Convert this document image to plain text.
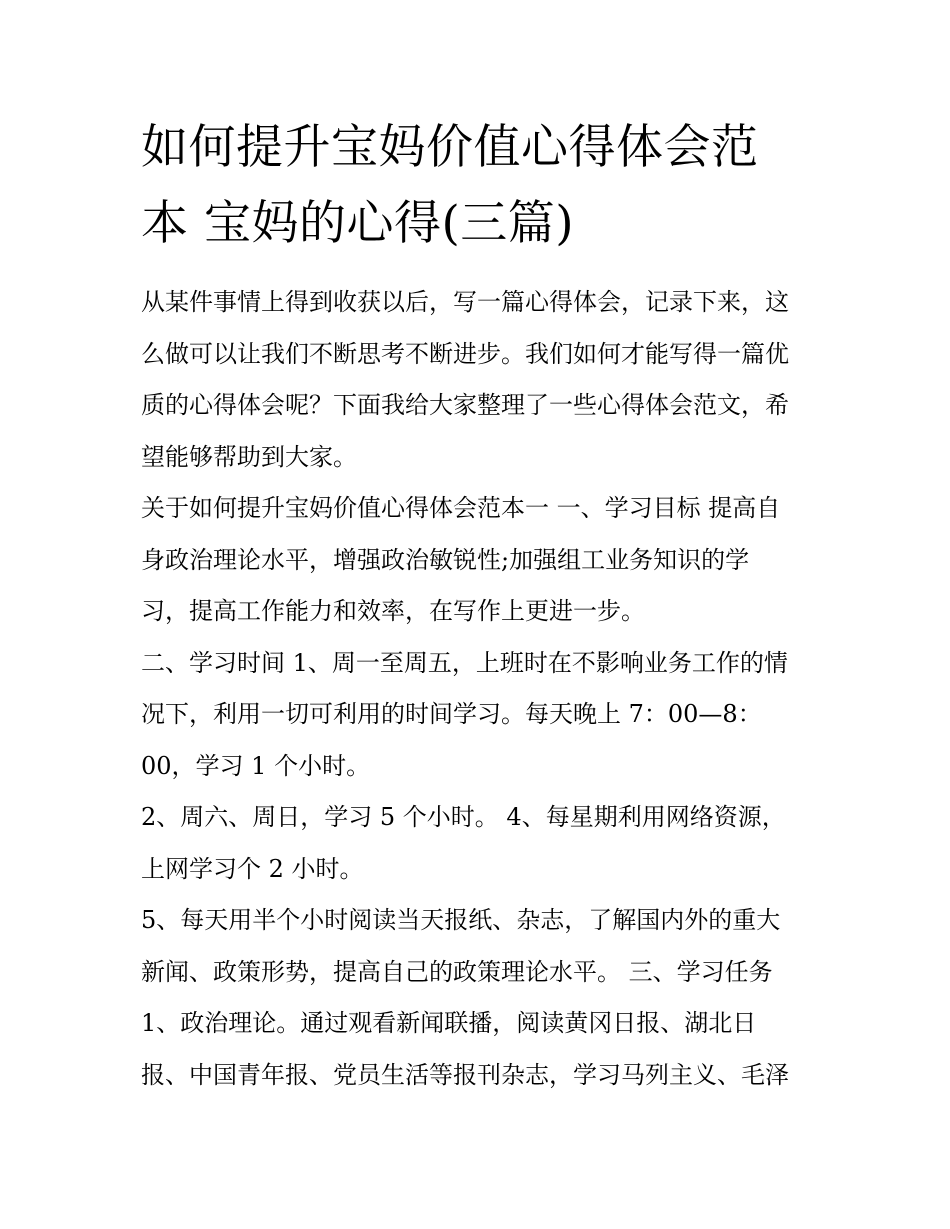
如何提升宝妈价值心得体会范
本 宝妈的心得(三篇)
从某件事情上得到收获以后，写一篇心得体会，记录下来，这
么做可以让我们不断思考不断进步。我们如何才能写得一篇优
质的心得体会呢？下面我给大家整理了一些心得体会范文，希
望能够帮助到大家。
关于如何提升宝妈价值心得体会范本一 一、学习目标 提高自
身政治理论水平，增强政治敏锐性;加强组工业务知识的学
习，提高工作能力和效率，在写作上更进一步。
二、学习时间 1、周一至周五，上班时在不影响业务工作的情
况下，利用一切可利用的时间学习。每天晚上 7：00—8：
00，学习 1 个小时。
2、周六、周日，学习 5 个小时。 4、每星期利用网络资源，
上网学习个 2 小时。
5、每天用半个小时阅读当天报纸、杂志，了解国内外的重大
新闻、政策形势，提高自己的政策理论水平。 三、学习任务
1、政治理论。通过观看新闻联播，阅读黄冈日报、湖北日
报、中国青年报、党员生活等报刊杂志，学习马列主义、毛泽
